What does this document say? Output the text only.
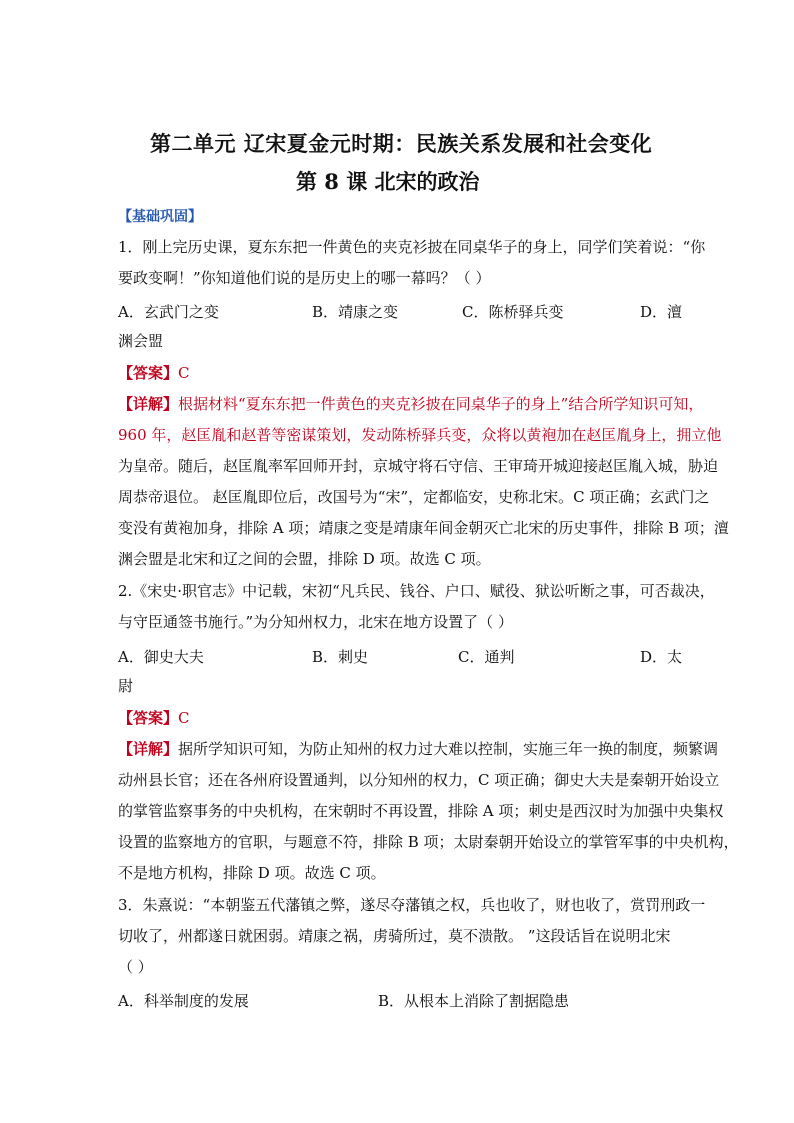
第二单元 辽宋夏金元时期：民族关系发展和社会变化
第 8 课 北宋的政治
【基础巩固】
1．刚上完历史课，夏东东把一件黄色的夹克衫披在同桌华子的身上，同学们笑着说：“你
要政变啊！”你知道他们说的是历史上的哪一幕吗？（ ）
A．玄武门之变	B．靖康之变	C．陈桥驿兵变	D．澶
渊会盟
【答案】C
【详解】根据材料“夏东东把一件黄色的夹克衫披在同桌华子的身上”结合所学知识可知，
960 年，赵匡胤和赵普等密谋策划，发动陈桥驿兵变，众将以黄袍加在赵匡胤身上，拥立他
为皇帝。随后，赵匡胤率军回师开封，京城守将石守信、王审琦开城迎接赵匡胤入城，胁迫
周恭帝退位。 赵匡胤即位后，改国号为“宋”，定都临安，史称北宋。C 项正确；玄武门之
变没有黄袍加身，排除 A 项；靖康之变是靖康年间金朝灭亡北宋的历史事件，排除 B 项；澶
渊会盟是北宋和辽之间的会盟，排除 D 项。故选 C 项。
2.《宋史·职官志》中记载，宋初“凡兵民、钱谷、户口、赋役、狱讼听断之事，可否裁决，
与守臣通签书施行。”为分知州权力，北宋在地方设置了（ ）
A．御史大夫	B．刺史	C．通判	D．太
尉
【答案】C
【详解】据所学知识可知，为防止知州的权力过大难以控制，实施三年一换的制度，频繁调
动州县长官；还在各州府设置通判，以分知州的权力，C 项正确；御史大夫是秦朝开始设立
的掌管监察事务的中央机构，在宋朝时不再设置，排除 A 项；刺史是西汉时为加强中央集权
设置的监察地方的官职，与题意不符，排除 B 项；太尉秦朝开始设立的掌管军事的中央机构，
不是地方机构，排除 D 项。故选 C 项。
3．朱熹说：“本朝鉴五代藩镇之弊，遂尽夺藩镇之权，兵也收了，财也收了，赏罚刑政一
切收了，州都遂日就困弱。靖康之祸，虏骑所过，莫不溃散。 ”这段话旨在说明北宋
（ ）
A．科举制度的发展	B．从根本上消除了割据隐患
